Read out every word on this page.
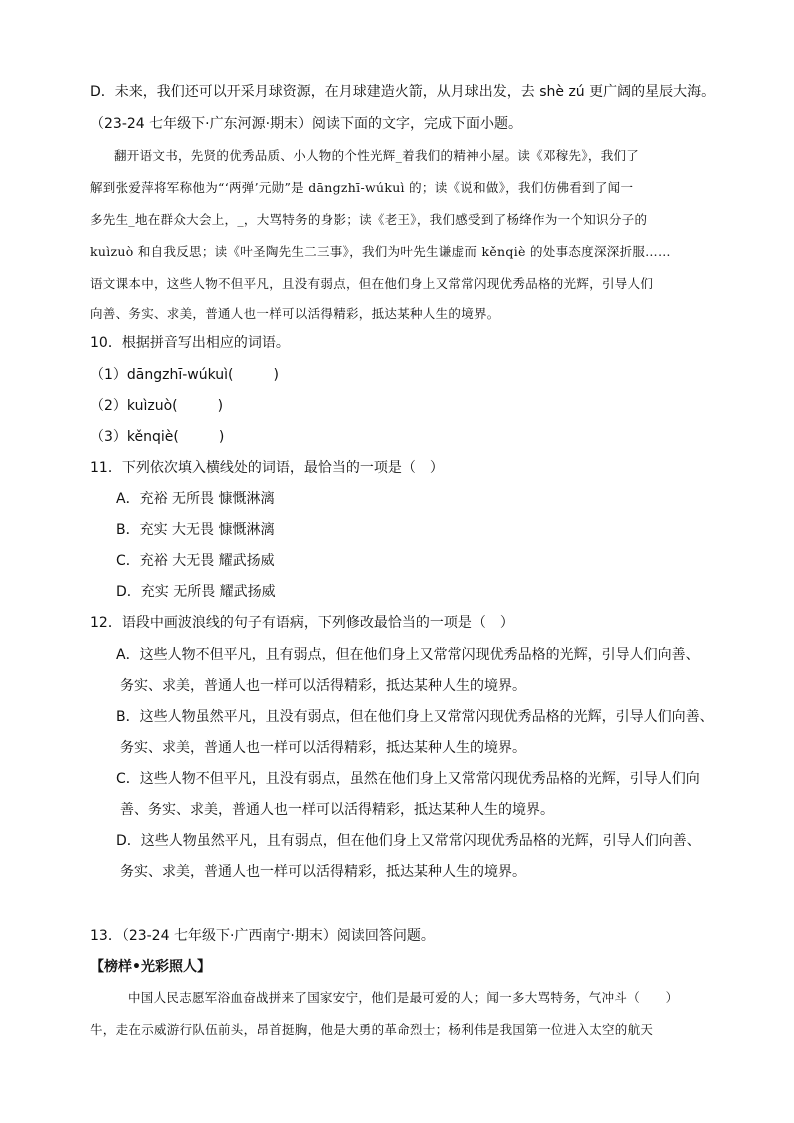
D．未来，我们还可以开采月球资源，在月球建造火箭，从月球出发，去 shè zú 更广阔的星辰大海。
（23-24 七年级下·广东河源·期末）阅读下面的文字，完成下面小题。
翻开语文书，先贤的优秀品质、小人物的个性光辉_着我们的精神小屋。读《邓稼先》，我们了
解到张爱萍将军称他为“‘两弹’元勋”是 dāngzhī-wúkuì 的；读《说和做》，我们仿佛看到了闻一
多先生_地在群众大会上，_，大骂特务的身影；读《老王》，我们感受到了杨绛作为一个知识分子的
kuìzuò 和自我反思；读《叶圣陶先生二三事》，我们为叶先生谦虚而 kěnqiè 的处事态度深深折服……
语文课本中，这些人物不但平凡，且没有弱点，但在他们身上又常常闪现优秀品格的光辉，引导人们
向善、务实、求美，普通人也一样可以活得精彩，抵达某种人生的境界。
10．根据拼音写出相应的词语。
（1）dāngzhī-wúkuì(	)
（2）kuìzuò(	)
（3）kěnqiè(	)
11．下列依次填入横线处的词语，最恰当的一项是（　）
A．充裕 无所畏 慷慨淋漓
B．充实 大无畏 慷慨淋漓
C．充裕 大无畏 耀武扬威
D．充实 无所畏 耀武扬威
12．语段中画波浪线的句子有语病，下列修改最恰当的一项是（　）
A．这些人物不但平凡，且有弱点，但在他们身上又常常闪现优秀品格的光辉，引导人们向善、
务实、求美，普通人也一样可以活得精彩，抵达某种人生的境界。
B．这些人物虽然平凡，且没有弱点，但在他们身上又常常闪现优秀品格的光辉，引导人们向善、
务实、求美，普通人也一样可以活得精彩，抵达某种人生的境界。
C．这些人物不但平凡，且没有弱点，虽然在他们身上又常常闪现优秀品格的光辉，引导人们向
善、务实、求美，普通人也一样可以活得精彩，抵达某种人生的境界。
D．这些人物虽然平凡，且有弱点，但在他们身上又常常闪现优秀品格的光辉，引导人们向善、
务实、求美，普通人也一样可以活得精彩，抵达某种人生的境界。
13．（23-24 七年级下·广西南宁·期末）阅读回答问题。
【榜样•光彩照人】
中国人民志愿军浴血奋战拼来了国家安宁，他们是最可爱的人；闻一多大骂特务，气冲斗（　　）
牛，走在示威游行队伍前头，昂首挺胸，他是大勇的革命烈士；杨利伟是我国第一位进入太空的航天
